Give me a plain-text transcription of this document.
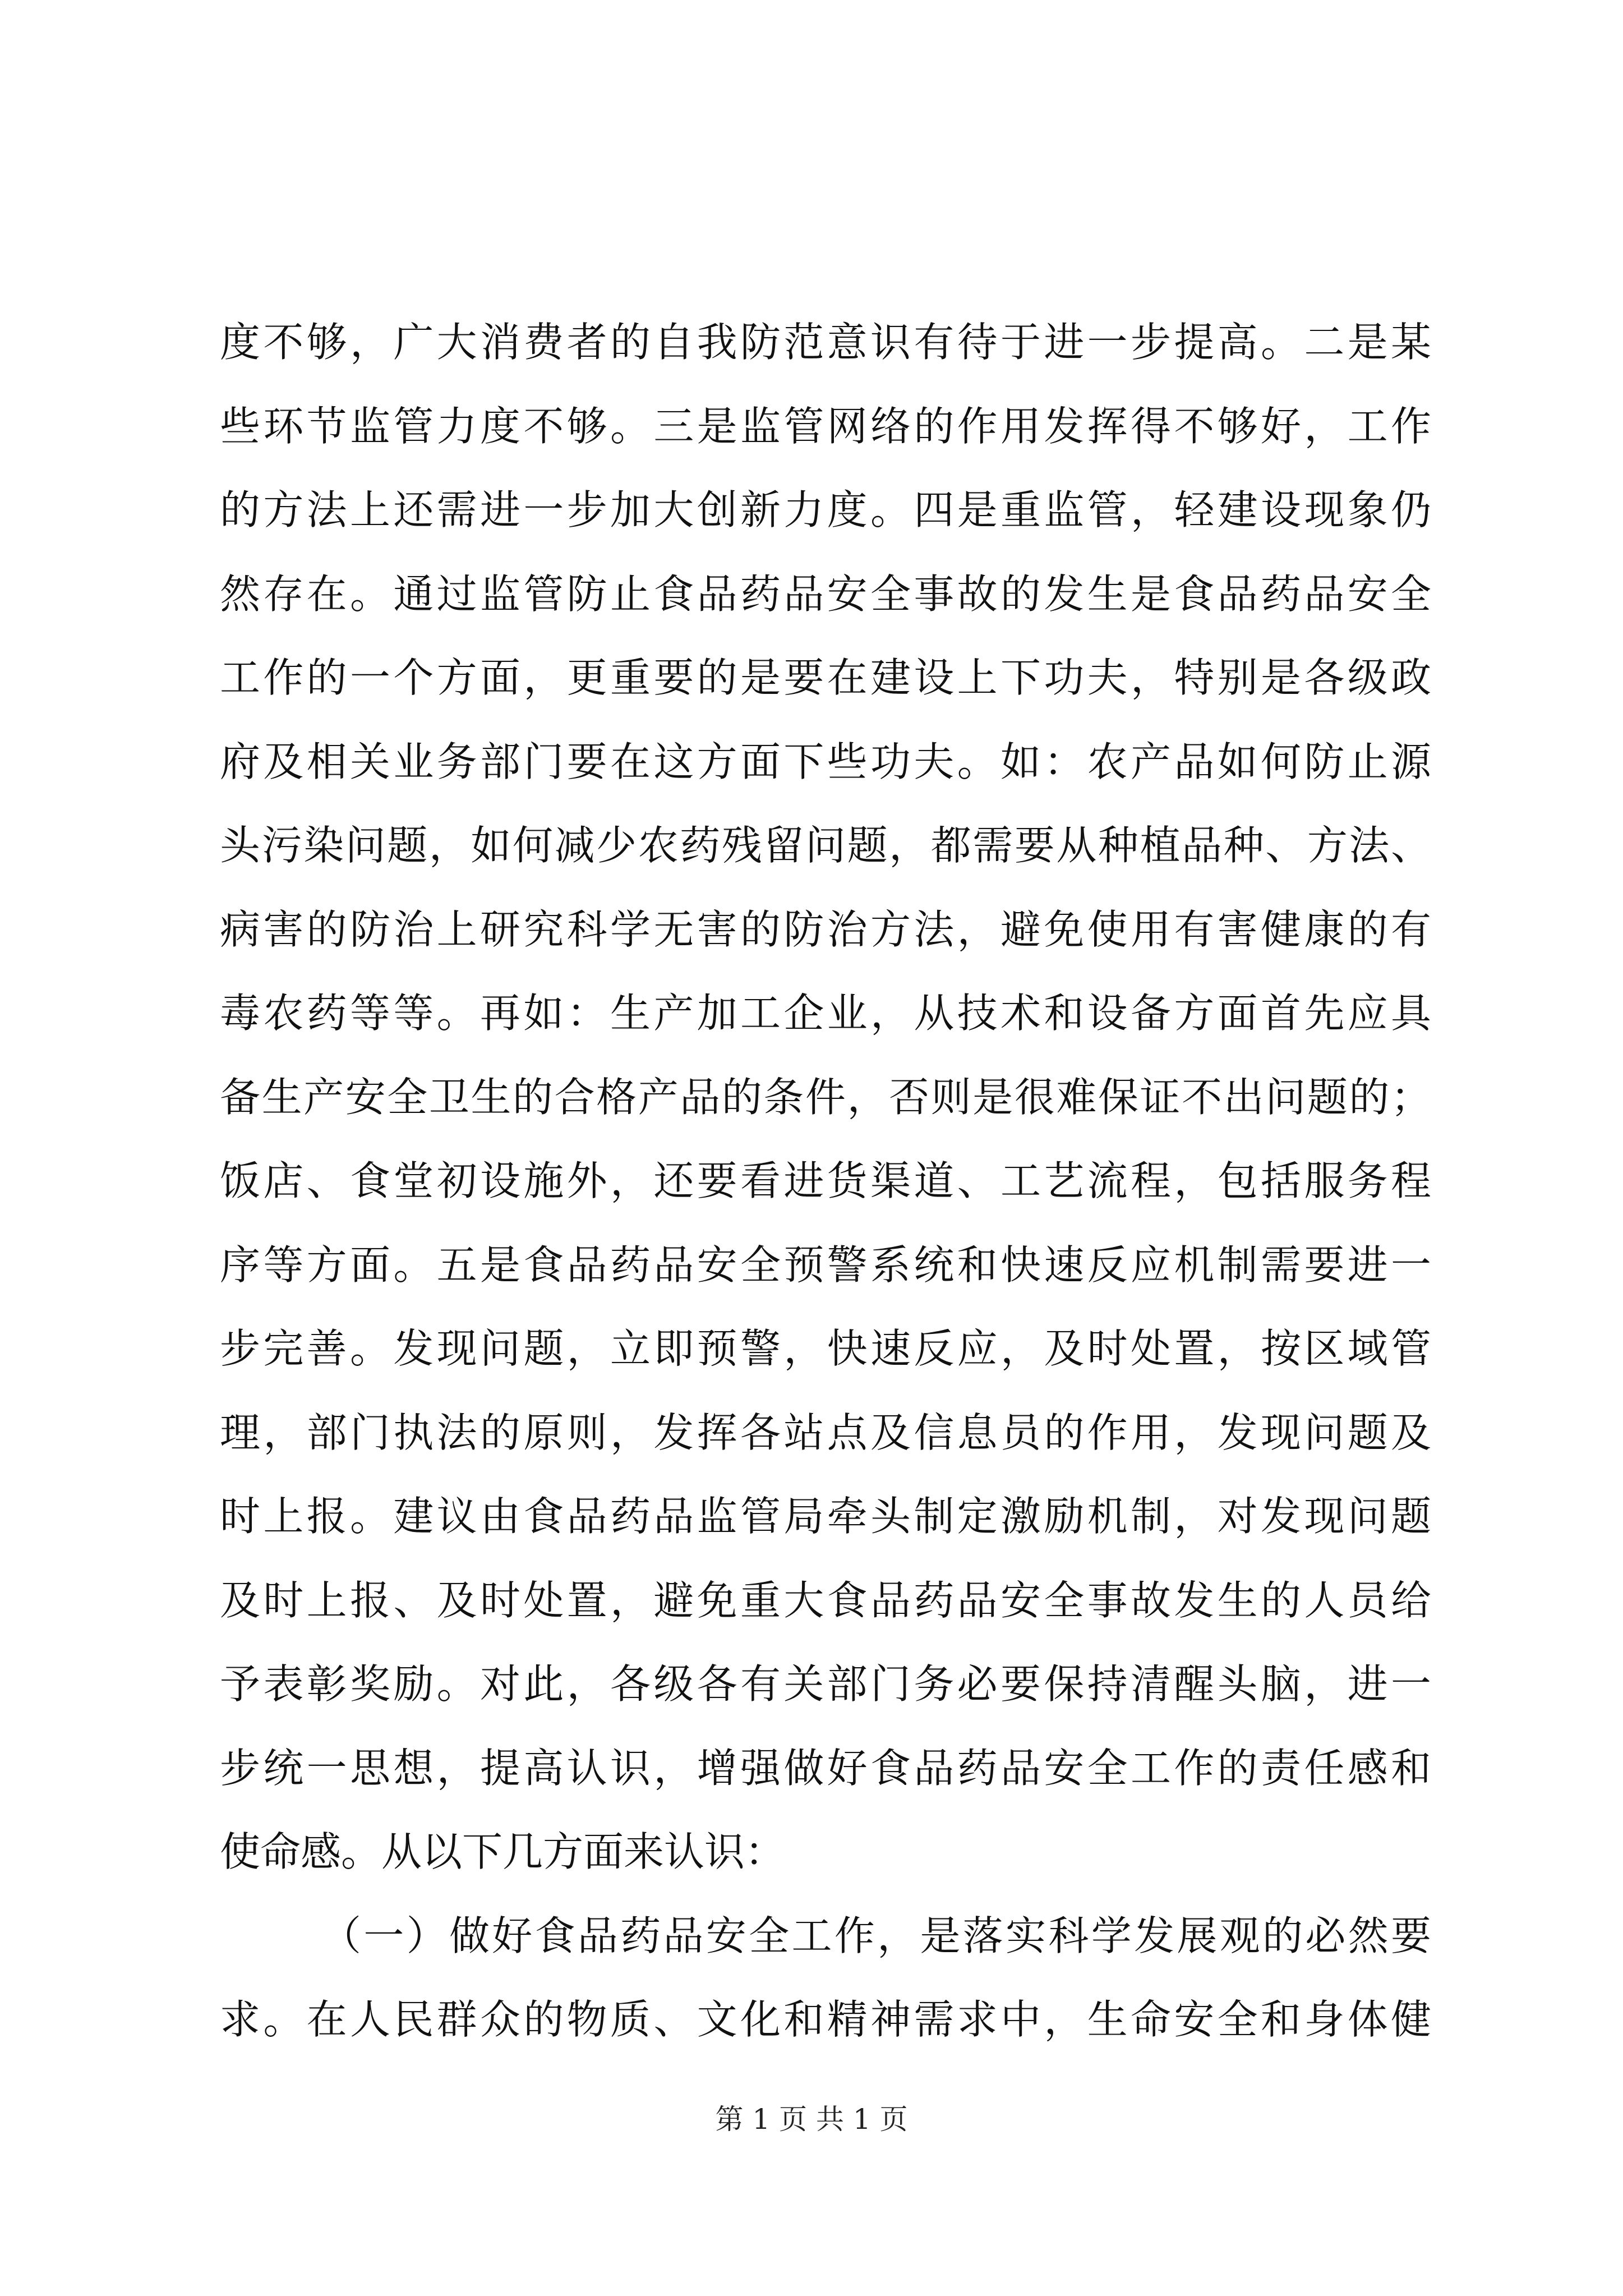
度不够，广大消费者的自我防范意识有待于进一步提高。二是某
些环节监管力度不够。三是监管网络的作用发挥得不够好，工作
的方法上还需进一步加大创新力度。四是重监管，轻建设现象仍
然存在。通过监管防止食品药品安全事故的发生是食品药品安全
工作的一个方面，更重要的是要在建设上下功夫，特别是各级政
府及相关业务部门要在这方面下些功夫。如：农产品如何防止源
头污染问题，如何减少农药残留问题，都需要从种植品种、方法、
病害的防治上研究科学无害的防治方法，避免使用有害健康的有
毒农药等等。再如：生产加工企业，从技术和设备方面首先应具
备生产安全卫生的合格产品的条件，否则是很难保证不出问题的；
饭店、食堂初设施外，还要看进货渠道、工艺流程，包括服务程
序等方面。五是食品药品安全预警系统和快速反应机制需要进一
步完善。发现问题，立即预警，快速反应，及时处置，按区域管
理，部门执法的原则，发挥各站点及信息员的作用，发现问题及
时上报。建议由食品药品监管局牵头制定激励机制，对发现问题
及时上报、及时处置，避免重大食品药品安全事故发生的人员给
予表彰奖励。对此，各级各有关部门务必要保持清醒头脑，进一
步统一思想，提高认识，增强做好食品药品安全工作的责任感和
使命感。从以下几方面来认识：
（一）做好食品药品安全工作，是落实科学发展观的必然要
求。在人民群众的物质、文化和精神需求中，生命安全和身体健
第 1 页 共 1 页
